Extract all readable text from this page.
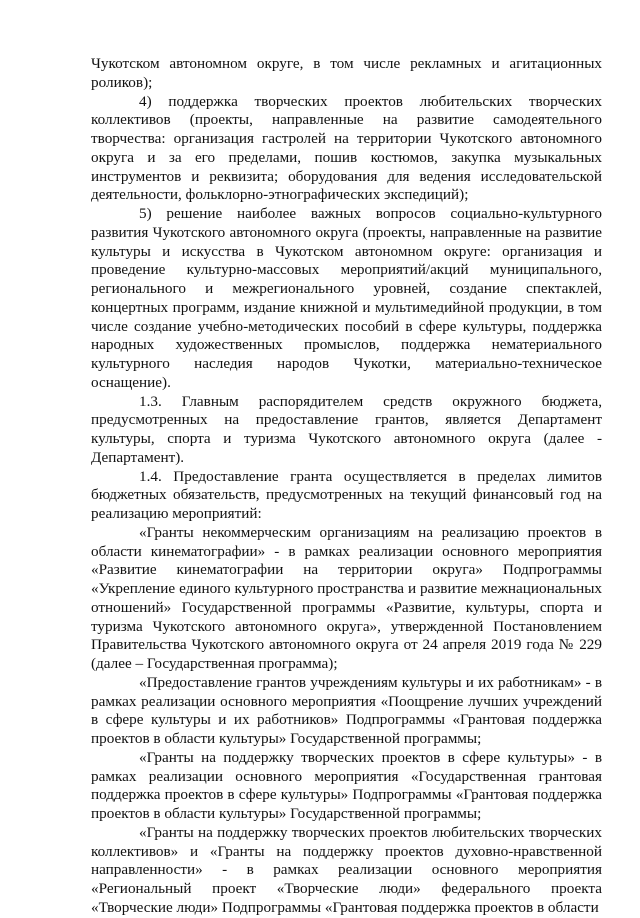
Чукотском автономном округе, в том числе рекламных и агитационных роликов);

4) поддержка творческих проектов любительских творческих коллективов (проекты, направленные на развитие самодеятельного творчества: организация гастролей на территории Чукотского автономного округа и за его пределами, пошив костюмов, закупка музыкальных инструментов и реквизита; оборудования для ведения исследовательской деятельности, фольклорно-этнографических экспедиций);

5) решение наиболее важных вопросов социально-культурного развития Чукотского автономного округа (проекты, направленные на развитие культуры и искусства в Чукотском автономном округе: организация и проведение культурно-массовых мероприятий/акций муниципального, регионального и межрегионального уровней, создание спектаклей, концертных программ, издание книжной и мультимедийной продукции, в том числе создание учебно-методических пособий в сфере культуры, поддержка народных художественных промыслов, поддержка нематериального культурного наследия народов Чукотки, материально-техническое оснащение).

1.3. Главным распорядителем средств окружного бюджета, предусмотренных на предоставление грантов, является Департамент культуры, спорта и туризма Чукотского автономного округа (далее - Департамент).

1.4. Предоставление гранта осуществляется в пределах лимитов бюджетных обязательств, предусмотренных на текущий финансовый год на реализацию мероприятий:

«Гранты некоммерческим организациям на реализацию проектов в области кинематографии» - в рамках реализации основного мероприятия «Развитие кинематографии на территории округа» Подпрограммы «Укрепление единого культурного пространства и развитие межнациональных отношений» Государственной программы «Развитие, культуры, спорта и туризма Чукотского автономного округа», утвержденной Постановлением Правительства Чукотского автономного округа от 24 апреля 2019 года № 229 (далее – Государственная программа);

«Предоставление грантов учреждениям культуры и их работникам» - в рамках реализации основного мероприятия «Поощрение лучших учреждений в сфере культуры и их работников» Подпрограммы «Грантовая поддержка проектов в области культуры» Государственной программы;

«Гранты на поддержку творческих проектов в сфере культуры» - в рамках реализации основного мероприятия «Государственная грантовая поддержка проектов в сфере культуры» Подпрограммы «Грантовая поддержка проектов в области культуры» Государственной программы;

«Гранты на поддержку творческих проектов любительских творческих коллективов» и «Гранты на поддержку проектов духовно-нравственной направленности» - в рамках реализации основного мероприятия «Региональный проект «Творческие люди» федерального проекта «Творческие люди» Подпрограммы «Грантовая поддержка проектов в области
